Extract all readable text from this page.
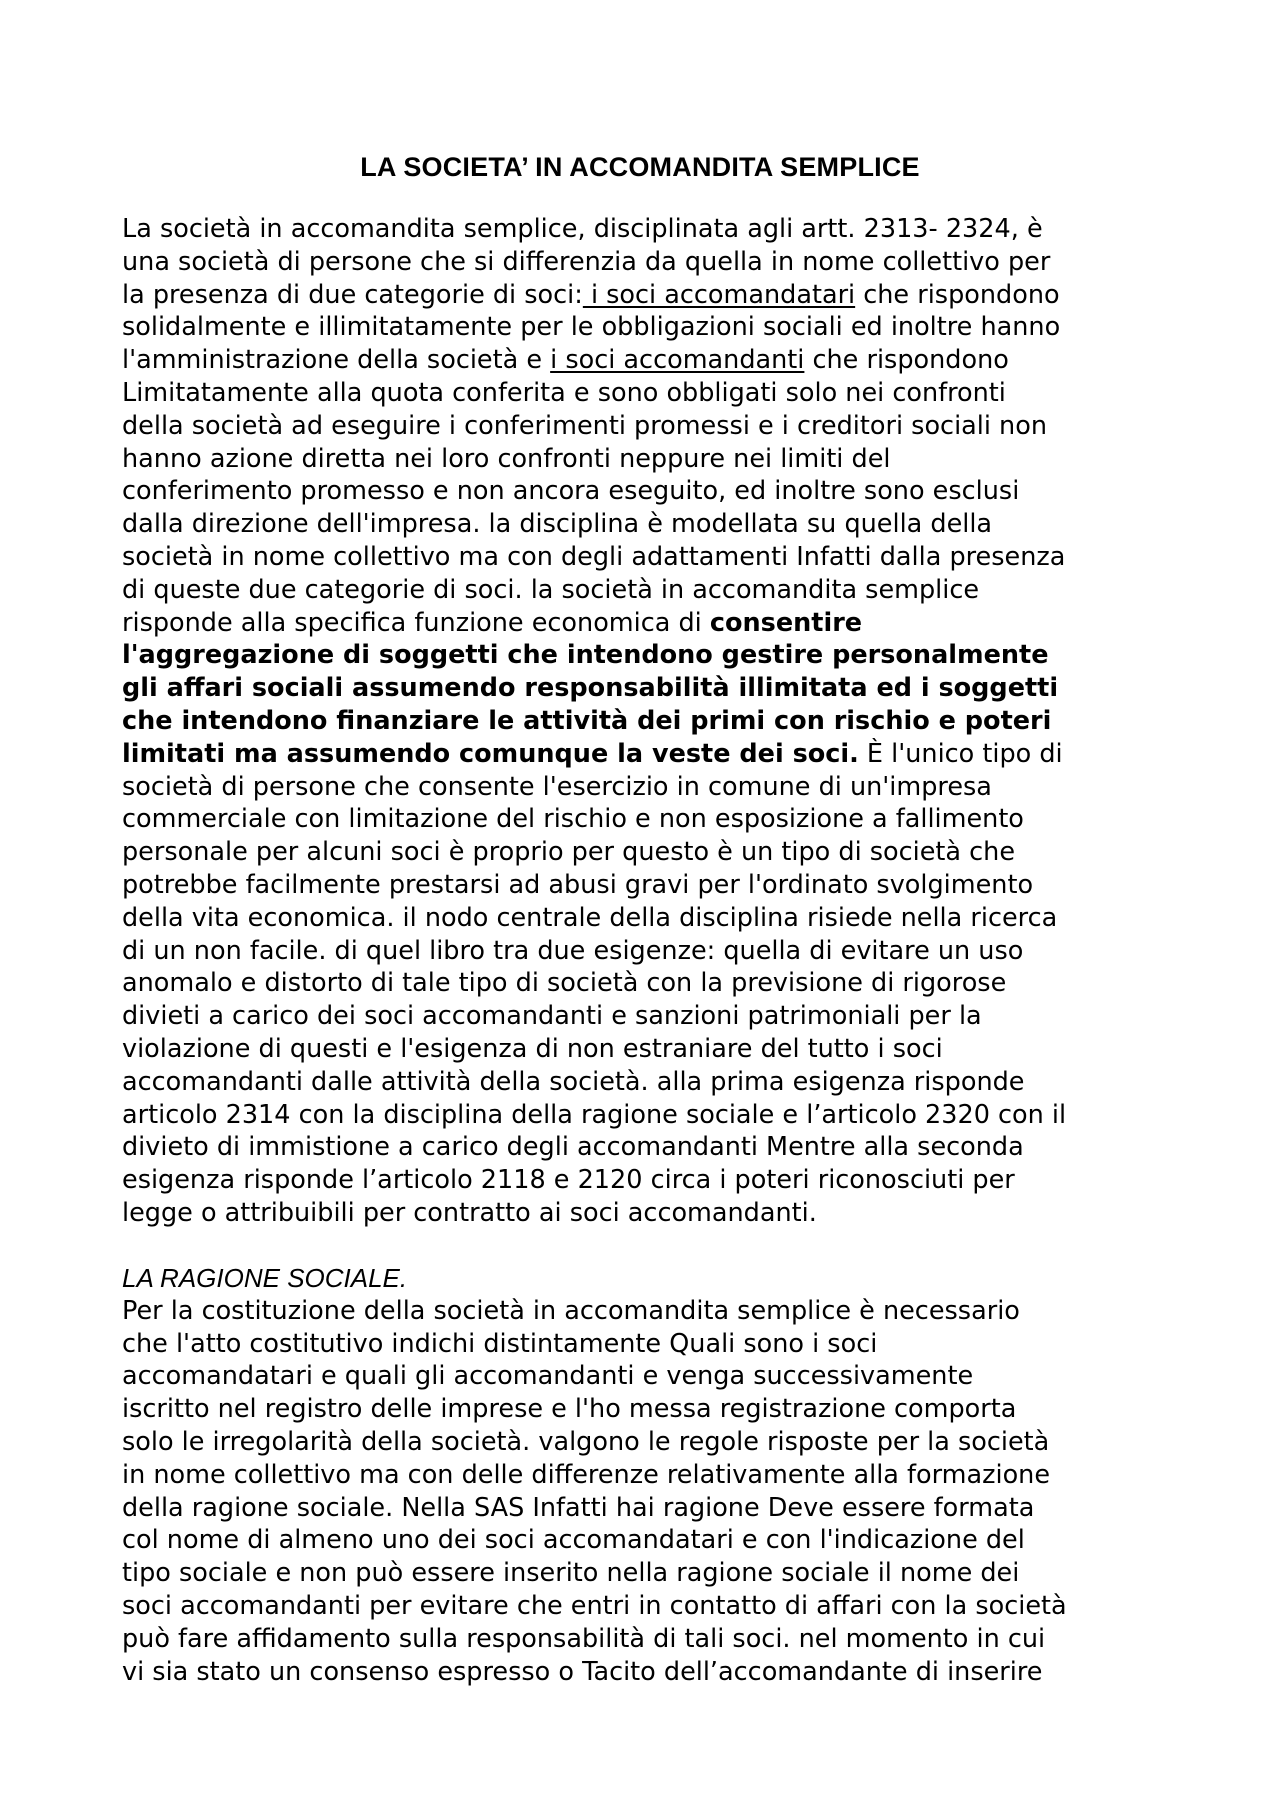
LA SOCIETA’ IN ACCOMANDITA SEMPLICE
La società in accomandita semplice, disciplinata agli artt. 2313- 2324, è
una società di persone che si differenzia da quella in nome collettivo per
la presenza di due categorie di soci: i soci accomandatari che rispondono
solidalmente e illimitatamente per le obbligazioni sociali ed inoltre hanno
l'amministrazione della società e i soci accomandanti che rispondono
Limitatamente alla quota conferita e sono obbligati solo nei confronti
della società ad eseguire i conferimenti promessi e i creditori sociali non
hanno azione diretta nei loro confronti neppure nei limiti del
conferimento promesso e non ancora eseguito, ed inoltre sono esclusi
dalla direzione dell'impresa. la disciplina è modellata su quella della
società in nome collettivo ma con degli adattamenti Infatti dalla presenza
di queste due categorie di soci. la società in accomandita semplice
risponde alla specifica funzione economica di consentire
l'aggregazione di soggetti che intendono gestire personalmente
gli affari sociali assumendo responsabilità illimitata ed i soggetti
che intendono finanziare le attività dei primi con rischio e poteri
limitati ma assumendo comunque la veste dei soci. È l'unico tipo di
società di persone che consente l'esercizio in comune di un'impresa
commerciale con limitazione del rischio e non esposizione a fallimento
personale per alcuni soci è proprio per questo è un tipo di società che
potrebbe facilmente prestarsi ad abusi gravi per l'ordinato svolgimento
della vita economica. il nodo centrale della disciplina risiede nella ricerca
di un non facile. di quel libro tra due esigenze: quella di evitare un uso
anomalo e distorto di tale tipo di società con la previsione di rigorose
divieti a carico dei soci accomandanti e sanzioni patrimoniali per la
violazione di questi e l'esigenza di non estraniare del tutto i soci
accomandanti dalle attività della società. alla prima esigenza risponde
articolo 2314 con la disciplina della ragione sociale e l’articolo 2320 con il
divieto di immistione a carico degli accomandanti Mentre alla seconda
esigenza risponde l’articolo 2118 e 2120 circa i poteri riconosciuti per
legge o attribuibili per contratto ai soci accomandanti.
LA RAGIONE SOCIALE.
Per la costituzione della società in accomandita semplice è necessario
che l'atto costitutivo indichi distintamente Quali sono i soci
accomandatari e quali gli accomandanti e venga successivamente
iscritto nel registro delle imprese e l'ho messa registrazione comporta
solo le irregolarità della società. valgono le regole risposte per la società
in nome collettivo ma con delle differenze relativamente alla formazione
della ragione sociale. Nella SAS Infatti hai ragione Deve essere formata
col nome di almeno uno dei soci accomandatari e con l'indicazione del
tipo sociale e non può essere inserito nella ragione sociale il nome dei
soci accomandanti per evitare che entri in contatto di affari con la società
può fare affidamento sulla responsabilità di tali soci. nel momento in cui
vi sia stato un consenso espresso o Tacito dell’accomandante di inserire
